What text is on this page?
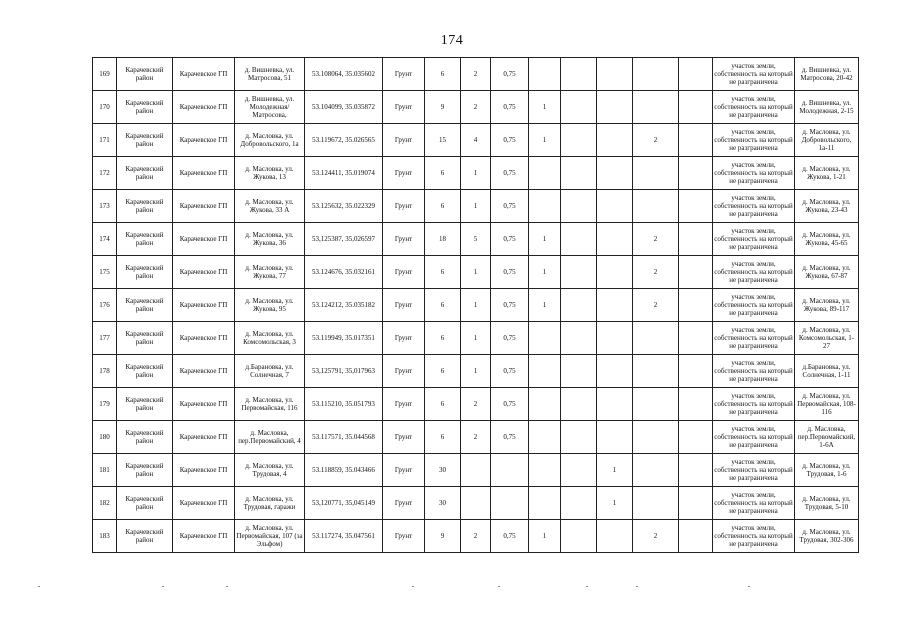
174
169	Карачевский район	Карачевское ГП	д. Вишневка, ул. Матросова, 51	53.108064, 35.035602	Грунт	6	2	0,75						участок земли, собственность на который не разграничена	д. Вишневка, ул. Матросова, 20-42
170	Карачевский район	Карачевское ГП	д. Вишневка, ул. Молодежная/Матросова,	53.104099, 35.035872	Грунт	9	2	0,75	1					участок земли, собственность на который не разграничена	д. Вишневка, ул. Молодежная, 2-15
171	Карачевский район	Карачевское ГП	д. Масловка, ул. Добровольского, 1а	53.119672, 35.026565	Грунт	15	4	0,75	1			2		участок земли, собственность на который не разграничена	д. Масловка, ул. Добровольского, 1а-11
172	Карачевский район	Карачевское ГП	д. Масловка, ул. Жукова, 13	53.124411, 35.019074	Грунт	6	1	0,75						участок земли, собственность на который не разграничена	д. Масловка, ул. Жукова, 1-21
173	Карачевский район	Карачевское ГП	д. Масловка, ул. Жукова, 33 А	53.125632, 35.022329	Грунт	6	1	0,75						участок земли, собственность на который не разграничена	д. Масловка, ул. Жукова, 23-43
174	Карачевский район	Карачевское ГП	д. Масловка, ул. Жукова, 36	53,125387, 35,026597	Грунт	18	5	0,75	1			2		участок земли, собственность на который не разграничена	д. Масловка, ул. Жукова, 45-65
175	Карачевский район	Карачевское ГП	д. Масловка, ул. Жукова, 77	53.124676, 35.032161	Грунт	6	1	0,75	1			2		участок земли, собственность на который не разграничена	д. Масловка, ул. Жукова, 67-87
176	Карачевский район	Карачевское ГП	д. Масловка, ул. Жукова, 95	53.124212, 35.035182	Грунт	6	1	0,75	1			2		участок земли, собственность на который не разграничена	д. Масловка, ул. Жукова, 89-117
177	Карачевский район	Карачевское ГП	д. Масловка, ул. Комсомольская, 3	53.119949, 35.017351	Грунт	6	1	0,75						участок земли, собственность на который не разграничена	д. Масловка, ул. Комсомольская, 1-27
178	Карачевский район	Карачевское ГП	д.Барановка, ул. Солнечная, 7	53,125791, 35,017963	Грунт	6	1	0,75						участок земли, собственность на который не разграничена	д.Барановка, ул. Солнечная, 1-11
179	Карачевский район	Карачевское ГП	д. Масловка, ул. Первомайская, 116	53.115210, 35.051793	Грунт	6	2	0,75						участок земли, собственность на который не разграничена	д. Масловка, ул. Первомайская, 108-116
180	Карачевский район	Карачевское ГП	д. Масловка, пер.Первомайский, 4	53.117571, 35.044568	Грунт	6	2	0,75						участок земли, собственность на который не разграничена	д. Масловка, пер.Первомайский, 1-6А
181	Карачевский район	Карачевское ГП	д. Масловка, ул. Трудовая, 4	53.118859, 35.043466	Грунт	30					1			участок земли, собственность на который не разграничена	д. Масловка, ул. Трудовая, 1-6
182	Карачевский район	Карачевское ГП	д. Масловка, ул. Трудовая, гаражи	53,120771, 35,045149	Грунт	30					1			участок земли, собственность на который не разграничена	д. Масловка, ул. Трудовая, 5-10
183	Карачевский район	Карачевское ГП	д. Масловка, ул. Первомайская, 107 (за Эльфом)	53.117274, 35.047561	Грунт	9	2	0,75	1			2		участок земли, собственность на который не разграничена	д. Масловка, ул. Трудовая, 302-306
